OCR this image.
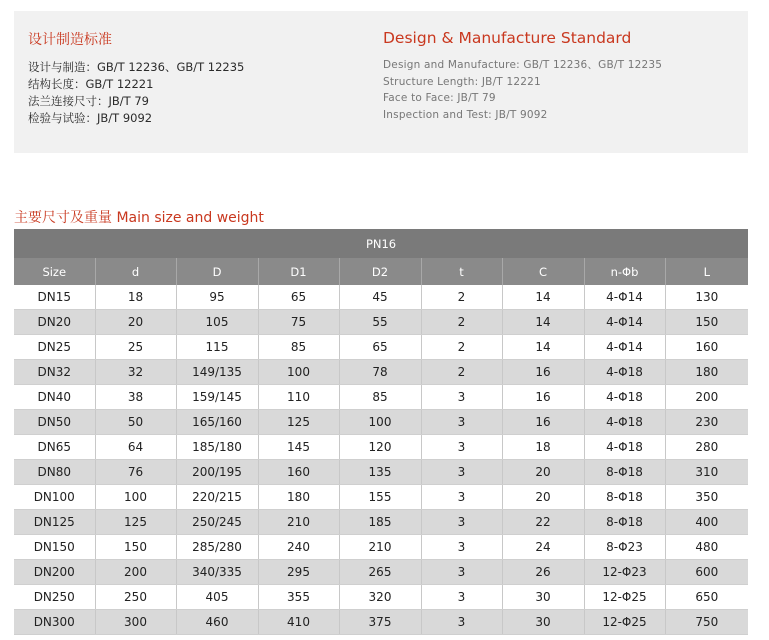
设计制造标准
设计与制造：GB/T 12236、GB/T 12235
结构长度：GB/T 12221
法兰连接尺寸：JB/T 79
检验与试验：JB/T 9092
Design & Manufacture Standard
Design and Manufacture: GB/T 12236、GB/T 12235
Structure Length: JB/T 12221
Face to Face: JB/T 79
Inspection and Test: JB/T 9092
主要尺寸及重量 Main size and weight
PN16								
Size	d	D	D1	D2	t	C	n-Φb	L
DN15	18	95	65	45	2	14	4-Φ14	130
DN20	20	105	75	55	2	14	4-Φ14	150
DN25	25	115	85	65	2	14	4-Φ14	160
DN32	32	149/135	100	78	2	16	4-Φ18	180
DN40	38	159/145	110	85	3	16	4-Φ18	200
DN50	50	165/160	125	100	3	16	4-Φ18	230
DN65	64	185/180	145	120	3	18	4-Φ18	280
DN80	76	200/195	160	135	3	20	8-Φ18	310
DN100	100	220/215	180	155	3	20	8-Φ18	350
DN125	125	250/245	210	185	3	22	8-Φ18	400
DN150	150	285/280	240	210	3	24	8-Φ23	480
DN200	200	340/335	295	265	3	26	12-Φ23	600
DN250	250	405	355	320	3	30	12-Φ25	650
DN300	300	460	410	375	3	30	12-Φ25	750
